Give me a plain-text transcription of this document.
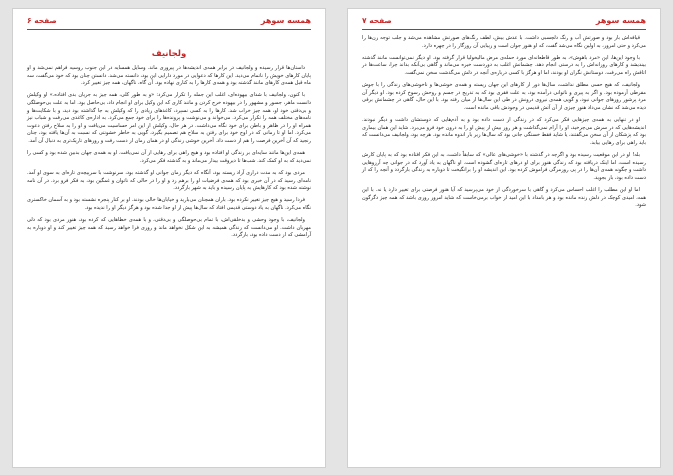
همسه سوهر
صفحه ۶
ولجانیف

داستان‌ها قرار رسیده و ولجانیف در برابر همه‌ی اندیشه‌ها در پیروزی ماند. وسایل همسایه در این جنوب روسیه فراهم نمی‌شد و او پایان کارهای خویش را ناتمام می‌دید. این کارها که دعوایی در مورد دارایی این بود، دانسته می‌شد. دانستن چنان بود که خود می‌گفت، سه ماه قبل همه‌ی کارهای مانند گذشته بود و همه‌ی کارها را به کناری نهاده بود. آن گاه، ناگهان، همه چیز تغییر کرد.

با کنون، ولجانیف با شدای بیهوده‌ای، اغلب این جمله را تکرار می‌کرد: «و به طور کلی، همه چیز به جریان بدی افتاده.» او وکیلش دانست ماهر، جسور و مشهور را در بیهوده خرج کردن و مانند کاری که این وکیل برای او انجام داد، بی‌حاصل بود. اما به علت بی‌حوصلگی و بی‌دقتی خود او، همه چیز خراب شد. کارها را به کسی نسپرد، کاغذهای زیادی را که وکیلش به جا گذاشته بود دید، و با شکایت‌ها و نامه‌های مختلف همه را تکرار می‌کرد. می‌خواند و می‌نوشت و پرونده‌ها را برای خود جمع می‌کرد. به اداره‌ی کاغذی می‌رفت و شباب نیز همراه او را در ظاهر و باطن برای خود نگاه می‌داشت. در هر حال، وکیلش از این امر حساسیت می‌یافت و او را به سلاح رفتن دعوت می‌کرد. اما او تا زمانی که در اوج خود برای رفتن به سلاح هم تصمیم بگیرد، گویی به خاطر خشونتی که نسبت به آن‌ها یافته بود، چنان رنجید که آن آخرین فرصت را هم از دست داد. آخرین خوشی زندگی او در همان زمان از دست رفت و روزهای تاریک‌تری به دنبال آن آمد.

همه‌ی این‌ها مانند سایه‌ای بر زندگی او افتاده بود و هیچ راهی برای رهایی از آن نمی‌یافت. او به همه‌ی جهان بدبین شده بود و کسی را نمی‌دید که به او کمک کند. شب‌ها تا دیروقت بیدار می‌ماند و به گذشته فکر می‌کرد.

مردی بود که به مدت درازی آزاد زیسته بود، آنگاه که دیگر زمان جوانی او گذشته بود، سرنوشت با سرپیچه‌ی تازه‌ای به سوی او آمد. نامه‌ای رسید که در آن خبری بود که همه‌ی فرضیات او را برهم زد و او را در حالی که ناتوان و غمگین بود، به فکر فرو برد. در آن نامه نوشته شده بود که کارهایش به پایان رسیده و باید به شهر بازگردد.

فردا رسید و هیچ چیز تغییر نکرده بود. باران همچنان می‌بارید و خیابان‌ها خالی بودند. او بر کنار پنجره نشسته بود و به آسمان خاکستری نگاه می‌کرد. ناگهان به یاد دوستی قدیمی افتاد که سال‌ها پیش از او جدا شده بود و هرگز دیگر او را ندیده بود.

ولجانیف، با وجود وحشی و بدخلقی‌اش، با تمام بی‌حوصلگی و بی‌دقتی، و با همه‌ی خطاهایی که کرده بود، هنوز مردی بود که دلی مهربان داشت. او می‌دانست که زندگی همیشه به این شکل نخواهد ماند و روزی فرا خواهد رسید که همه چیز تغییر کند و او دوباره به آرامشی که از دست داده بود، بازگردد.

همسه سوهر
صفحه ۷

قیافه‌اش باز بود و صورتش آب و رنگ دلچسبی داشت. با عدش بیش، لطف رنگ‌های صورتش مشاهده می‌شد و جلب توجه زن‌ها را می‌کرد و حتی امروز، به اولین نگاه می‌شد گفت، که او هنوز جوان است و زیبایی آن روزگار را در چهره دارد.

با وجود این‌ها، این «مرد باهوش»، به طور قاطعانه‌ای مورد حمله‌ی مرض مالیخولیا قرار گرفته بود. او دیگر نمی‌توانست مانند گذشته بیندیشد و کارهای روزانه‌اش را به درستی انجام دهد. چشمانش اغلب به دوردست خیره می‌ماند و گاهی بی‌آنکه بداند چرا، ساعت‌ها در اتاقش راه می‌رفت. دوستانش نگران او بودند، اما او هرگز با کسی درباره‌ی آنچه در دلش می‌گذشت سخن نمی‌گفت.

ولجانیف، که هیچ حسی مطلق نداشت، سال‌ها دور از کارهای این جهان زیسته و همه‌ی خوشی‌ها و ناخوشی‌های زندگی را با جوش مفرطی آزموده بود. و اگر به پیری و ناتوانی درآمده بود، به علت فقری بود که به تدریج در جسم و روحش رسوخ کرده بود. او دیگر آن مرد پرشور روزهای جوانی نبود، و گویی همه‌ی نیروی درونش در طی این سال‌ها از میان رفته بود. با این حال، گاهی در چشمانش برقی دیده می‌شد که نشان می‌داد هنوز چیزی از آن آتش قدیمی در وجودش باقی مانده است.

او در تنهایی به همه‌ی چیزهایی فکر می‌کرد که در زندگی از دست داده بود و به آدم‌هایی که دوستشان داشت و دیگر نبودند. اندیشه‌هایی که در سرش می‌چرخید، او را آرام نمی‌گذاشت و هر روز بیش از پیش او را به درون خود فرو می‌برد. شاید این همان بیماری بود که پزشکان از آن سخن می‌گفتند، یا شاید فقط خستگی جانی بود که سال‌ها زیر بار اندوه مانده بود. هرچه بود، ولجانیف می‌دانست که باید راهی برای رهایی بیابد.

بله! او در این موقعیت رسیده بود و اگرچه در گذشته با «خوشی‌های عالی» که سابقاً داشت، به این فکر افتاده بود که به پایان کارش رسیده است، اما اینک دریافته بود که زندگی هنوز برای او درهای تازه‌ای گشوده است. او ناگهان به یاد آورد که در جوانی چه آرزوهایی داشت و چگونه همه‌ی آن‌ها را در پی روزمرگی فراموش کرده بود. این اندیشه او را برانگیخت تا دوباره به زندگی بازگردد و آنچه را که از دست داده بود، باز بجوید.

اما او این مطلب را اغلب احساس می‌کرد و گاهی با سرخوردگی از خود می‌پرسید که آیا هنوز فرصتی برای تغییر دارد یا نه. با این همه، امیدی کوچک در دلش زنده مانده بود و هر بامداد با این امید از خواب برمی‌خاست که شاید امروز روزی باشد که همه چیز دگرگون شود.
